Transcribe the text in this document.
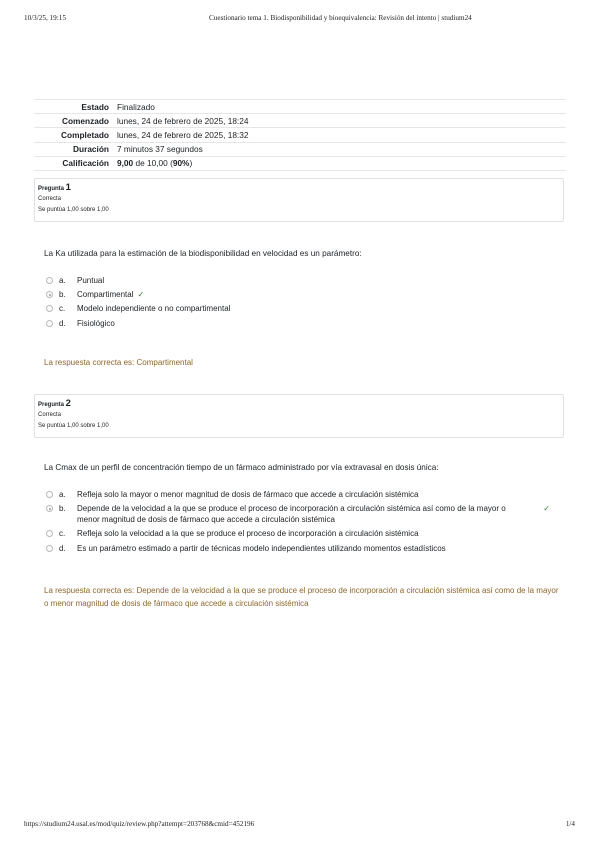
10/3/25, 19:15	Cuestionario tema 1. Biodisponibilidad y bioequivalencia: Revisión del intento | studium24
Estado	Finalizado
Comenzado	lunes, 24 de febrero de 2025, 18:24
Completado	lunes, 24 de febrero de 2025, 18:32
Duración	7 minutos 37 segundos
Calificación	9,00 de 10,00 (90%)
Pregunta 1
Correcta
Se puntúa 1,00 sobre 1,00
La Ka utilizada para la estimación de la biodisponibilidad en velocidad es un parámetro:
a. Puntual
b. Compartimental ✓
c. Modelo independiente o no compartimental
d. Fisiológico
La respuesta correcta es: Compartimental
Pregunta 2
Correcta
Se puntúa 1,00 sobre 1,00
La Cmax de un perfil de concentración tiempo de un fármaco administrado por vía extravasal en dosis única:
a. Refleja solo la mayor o menor magnitud de dosis de fármaco que accede a circulación sistémica
b. Depende de la velocidad a la que se produce el proceso de incorporación a circulación sistémica así como de la mayor o menor magnitud de dosis de fármaco que accede a circulación sistémica
✓
c. Refleja solo la velocidad a la que se produce el proceso de incorporación a circulación sistémica
d. Es un parámetro estimado a partir de técnicas modelo independientes utilizando momentos estadísticos
La respuesta correcta es: Depende de la velocidad a la que se produce el proceso de incorporación a circulación sistémica así como de la mayor o menor magnitud de dosis de fármaco que accede a circulación sistémica
https://studium24.usal.es/mod/quiz/review.php?attempt=203768&cmid=452196	1/4
